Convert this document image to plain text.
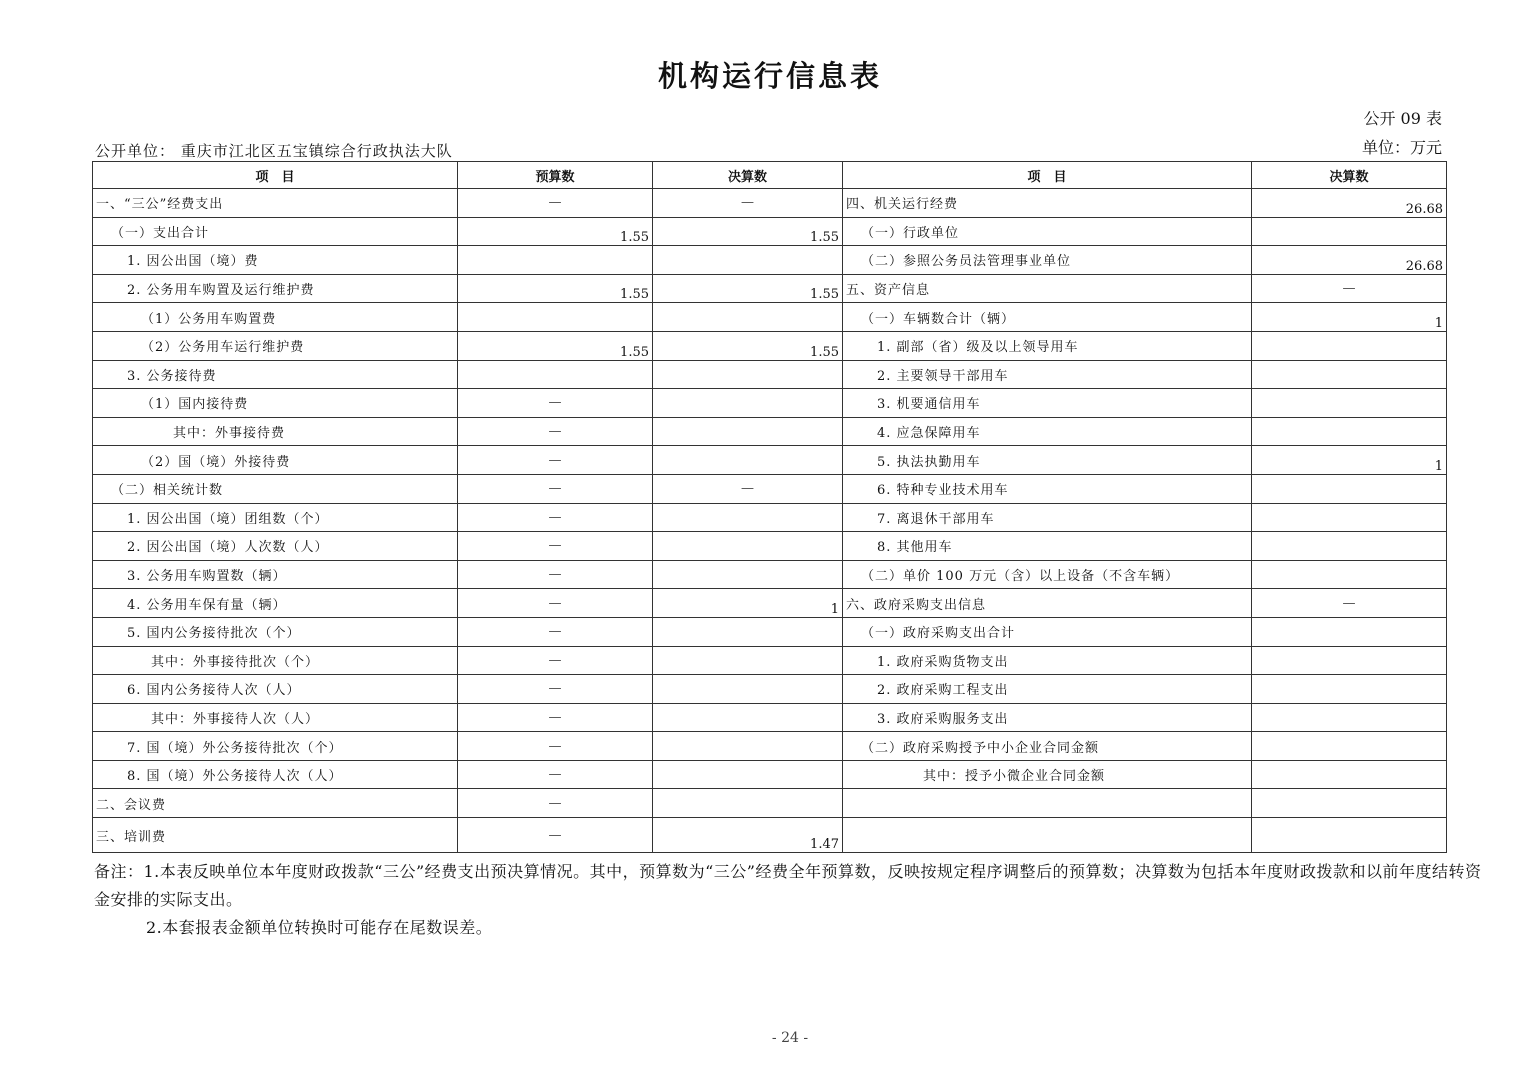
机构运行信息表
公开 09 表
单位：万元
公开单位： 重庆市江北区五宝镇综合行政执法大队
项　目	预算数	决算数	项　目	决算数
一、“三公”经费支出	—	—	四、机关运行经费	26.68
（一）支出合计	1.55	1.55	（一）行政单位	
1. 因公出国（境）费			（二）参照公务员法管理事业单位	26.68
2. 公务用车购置及运行维护费	1.55	1.55	五、资产信息	—
（1）公务用车购置费			（一）车辆数合计（辆）	1
（2）公务用车运行维护费	1.55	1.55	1. 副部（省）级及以上领导用车	
3. 公务接待费			2. 主要领导干部用车	
（1）国内接待费	—		3. 机要通信用车	
其中：外事接待费	—		4. 应急保障用车	
（2）国（境）外接待费	—		5. 执法执勤用车	1
（二）相关统计数	—	—	6. 特种专业技术用车	
1. 因公出国（境）团组数（个）	—		7. 离退休干部用车	
2. 因公出国（境）人次数（人）	—		8. 其他用车	
3. 公务用车购置数（辆）	—		（二）单价 100 万元（含）以上设备（不含车辆）	
4. 公务用车保有量（辆）	—	1	六、政府采购支出信息	—
5. 国内公务接待批次（个）	—		（一）政府采购支出合计	
其中：外事接待批次（个）	—		1. 政府采购货物支出	
6. 国内公务接待人次（人）	—		2. 政府采购工程支出	
其中：外事接待人次（人）	—		3. 政府采购服务支出	
7. 国（境）外公务接待批次（个）	—		（二）政府采购授予中小企业合同金额	
8. 国（境）外公务接待人次（人）	—		其中：授予小微企业合同金额	
二、会议费	—			
三、培训费	—	1.47		

备注：1.本表反映单位本年度财政拨款“三公”经费支出预决算情况。其中，预算数为“三公”经费全年预算数，反映按规定程序调整后的预算数；决算数为包括本年度财政拨款和以前年度结转资金安排的实际支出。

2.本套报表金额单位转换时可能存在尾数误差。

- 24 -
